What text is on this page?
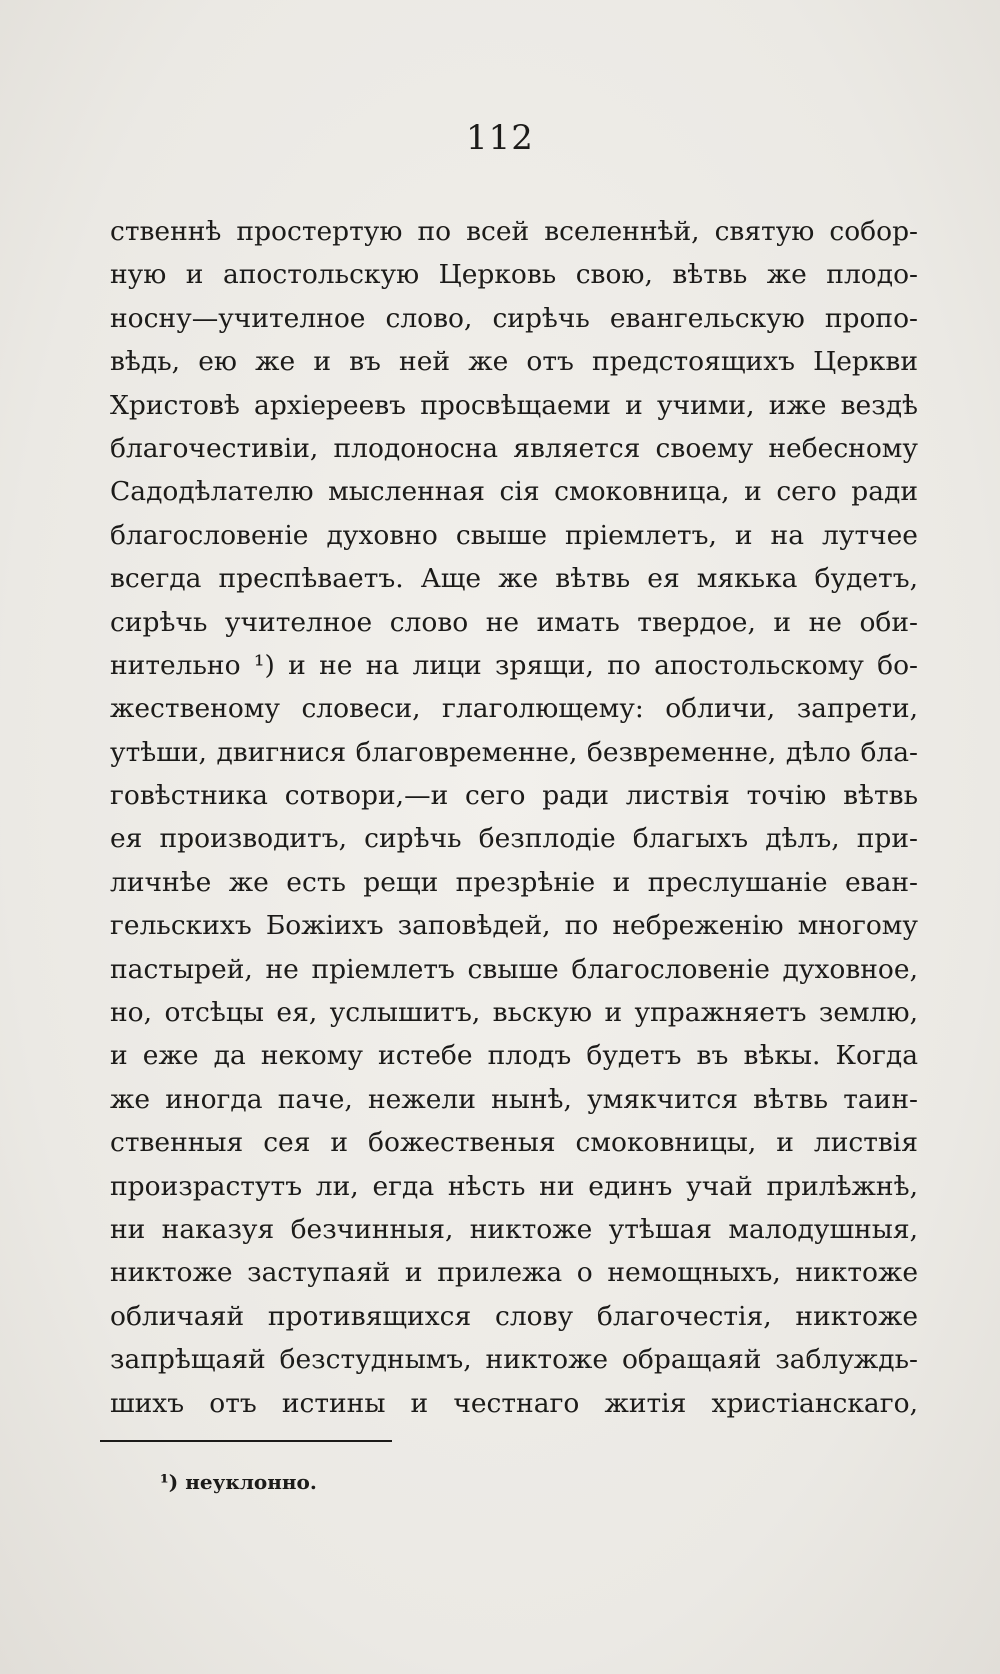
112
ственнѣ простертую по всей вселеннѣй, святую собор-
ную и апостольскую Церковь свою, вѣтвь же плодо-
носну—учителное слово, сирѣчь евангельскую пропо-
вѣдь, ею же и въ ней же отъ предстоящихъ Церкви
Христовѣ архіереевъ просвѣщаеми и учими, иже вездѣ
благочестивіи, плодоносна является своему небесному
Садодѣлателю мысленная сія смоковница, и сего ради
благословеніе духовно свыше пріемлетъ, и на лутчее
всегда преспѣваетъ. Аще же вѣтвь ея мякька будетъ,
сирѣчь учителное слово не имать твердое, и не оби-
нительно ¹) и не на лици зрящи, по апостольскому бо-
жественому словеси, глаголющему: обличи, запрети,
утѣши, двигнися благовременне, безвременне, дѣло бла-
говѣстника сотвори,—и сего ради листвія точію вѣтвь
ея производитъ, сирѣчь безплодіе благыхъ дѣлъ, при-
личнѣе же есть рещи презрѣніе и преслушаніе еван-
гельскихъ Божіихъ заповѣдей, по небреженію многому
пастырей, не пріемлетъ свыше благословеніе духовное,
но, отсѣцы ея, услышитъ, вьскую и упражняетъ землю,
и еже да некому истебе плодъ будетъ въ вѣкы. Когда
же иногда паче, нежели нынѣ, умякчится вѣтвь таин-
ственныя сея и божественыя смоковницы, и листвія
произрастутъ ли, егда нѣсть ни единъ учай прилѣжнѣ,
ни наказуя безчинныя, никтоже утѣшая малодушныя,
никтоже заступаяй и прилежа о немощныхъ, никтоже
обличаяй противящихся слову благочестія, никтоже
запрѣщаяй безстуднымъ, никтоже обращаяй заблуждь-
шихъ отъ истины и честнаго житія христіанскаго,
¹) неуклонно.
